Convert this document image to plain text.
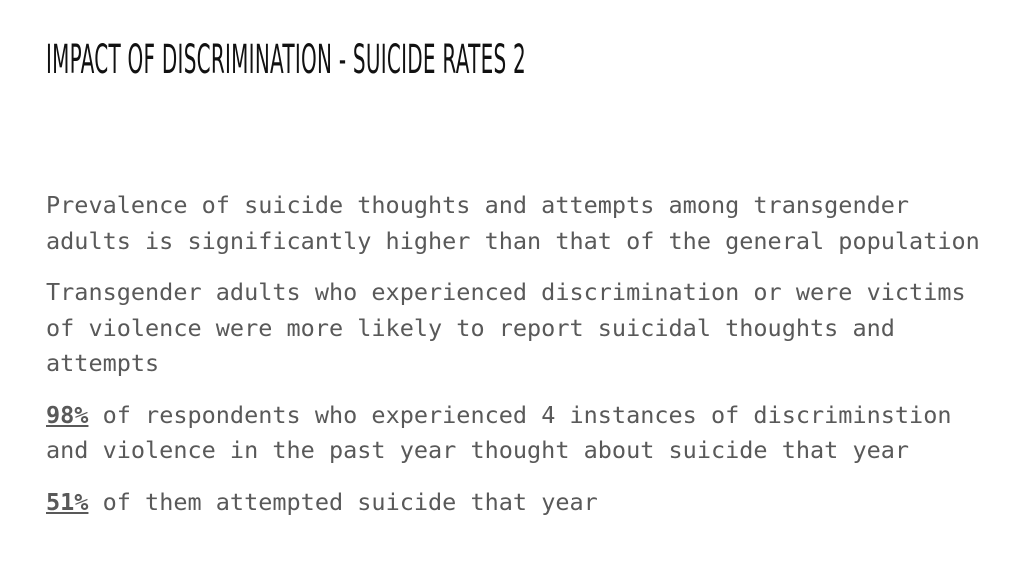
IMPACT OF DISCRIMINATION - SUICIDE RATES 2

Prevalence of suicide thoughts and attempts among transgender adults is significantly higher than that of the general population

Transgender adults who experienced discrimination or were victims of violence were more likely to report suicidal thoughts and attempts

98% of respondents who experienced 4 instances of discriminstion and violence in the past year thought about suicide that year

51% of them attempted suicide that year
